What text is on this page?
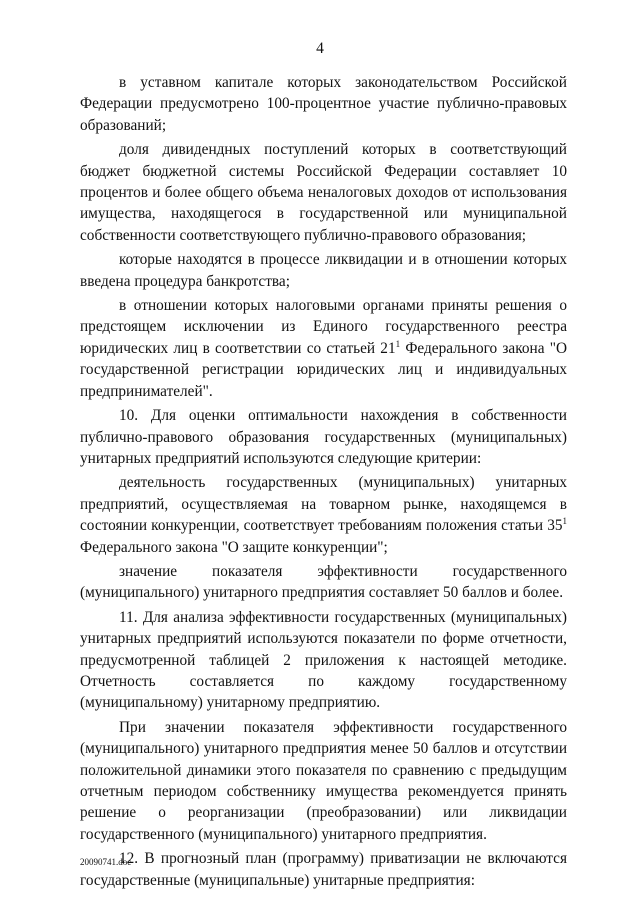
4

в уставном капитале которых законодательством Российской Федерации предусмотрено 100-процентное участие публично-правовых образований;

доля дивидендных поступлений которых в соответствующий бюджет бюджетной системы Российской Федерации составляет 10 процентов и более общего объема неналоговых доходов от использования имущества, находящегося в государственной или муниципальной собственности соответствующего публично-правового образования;

которые находятся в процессе ликвидации и в отношении которых введена процедура банкротства;

в отношении которых налоговыми органами приняты решения о предстоящем исключении из Единого государственного реестра юридических лиц в соответствии со статьей $21^1$ Федерального закона "О государственной регистрации юридических лиц и индивидуальных предпринимателей".

10. Для оценки оптимальности нахождения в собственности публично-правового образования государственных (муниципальных) унитарных предприятий используются следующие критерии:

деятельность государственных (муниципальных) унитарных предприятий, осуществляемая на товарном рынке, находящемся в состоянии конкуренции, соответствует требованиям положения статьи $35^1$ Федерального закона "О защите конкуренции";

значение показателя эффективности государственного (муниципального) унитарного предприятия составляет 50 баллов и более.

11. Для анализа эффективности государственных (муниципальных) унитарных предприятий используются показатели по форме отчетности, предусмотренной таблицей 2 приложения к настоящей методике. Отчетность составляется по каждому государственному (муниципальному) унитарному предприятию.

При значении показателя эффективности государственного (муниципального) унитарного предприятия менее 50 баллов и отсутствии положительной динамики этого показателя по сравнению с предыдущим отчетным периодом собственнику имущества рекомендуется принять решение о реорганизации (преобразовании) или ликвидации государственного (муниципального) унитарного предприятия.

12. В прогнозный план (программу) приватизации не включаются государственные (муниципальные) унитарные предприятия:

20090741.doc
